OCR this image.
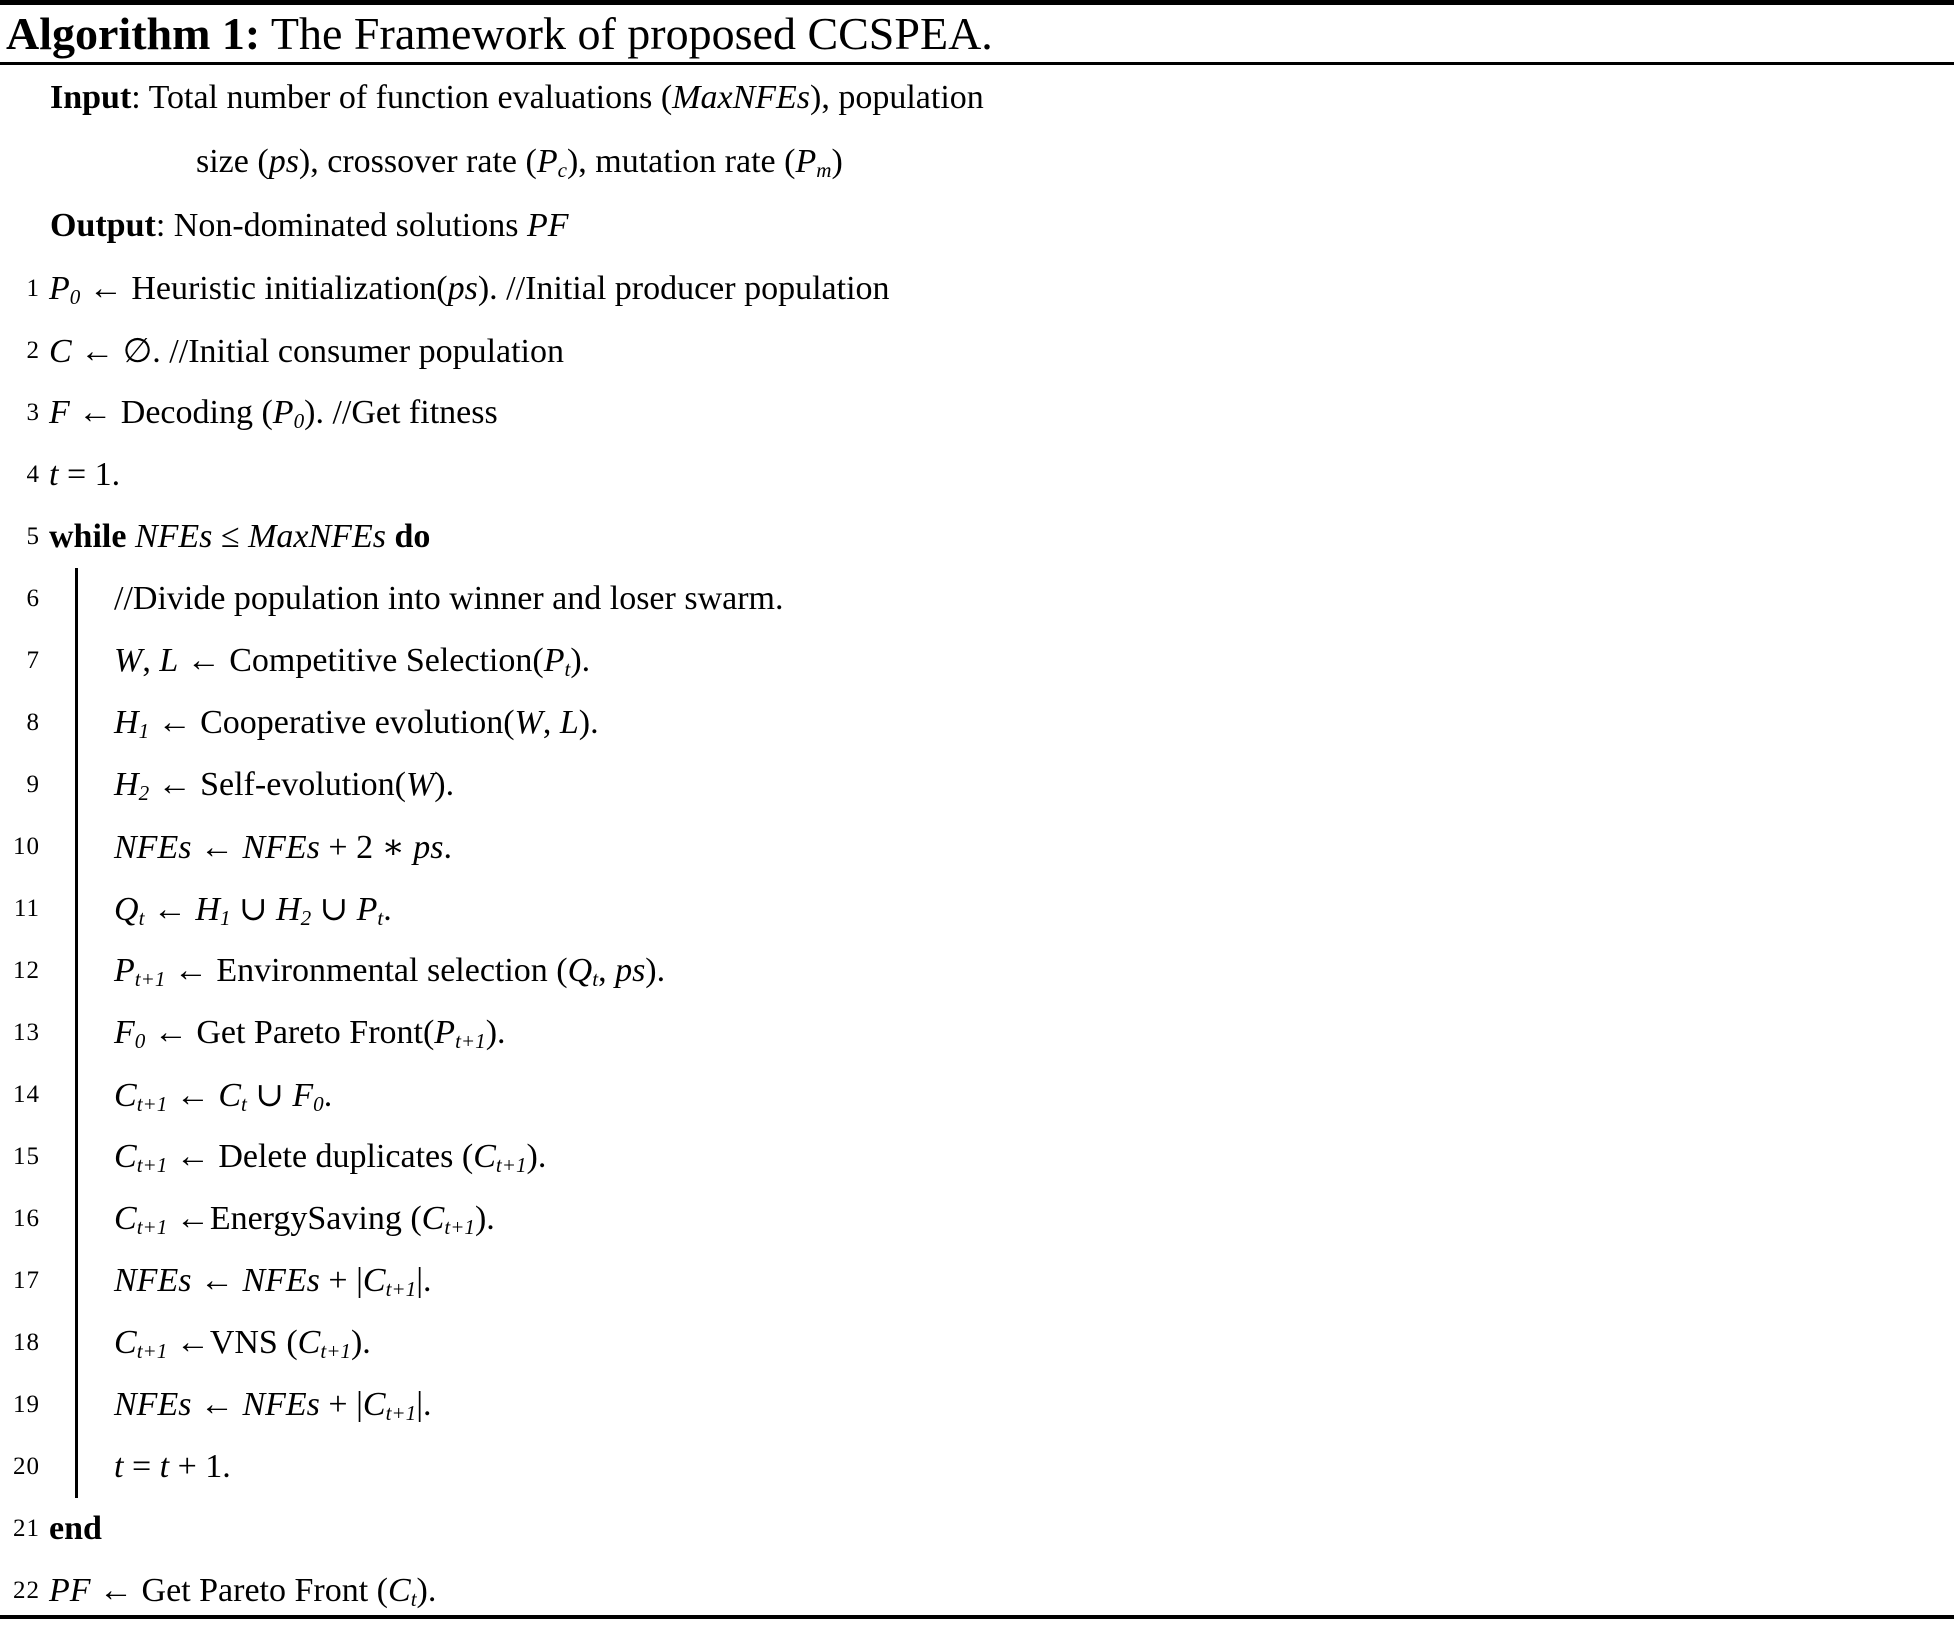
Algorithm 1: The Framework of proposed CCSPEA.
Input: Total number of function evaluations (MaxNFEs), population
size (ps), crossover rate $(P_c)$, mutation rate $(P_m)$
Output: Non-dominated solutions PF
1 $P_0$ ← Heuristic initialization(ps). //Initial producer population
2 C ← ∅. //Initial consumer population
3 F ← Decoding $(P_0)$. //Get fitness
4 t = 1.
5 while NFEs ≤ MaxNFEs do
6 //Divide population into winner and loser swarm.
7 W, L ← Competitive $Selection(P_t)$.
8 $H_1$ ← Cooperative evolution(W, L).
9 $H_2$ ← Self-evolution(W).
10 NFEs ← NFEs + 2 ∗ ps.
11 $Q_t$ ← $H_1$ ∪ $H_2$ ∪ $P_t$.
12 $P_{t+1}$ ← Environmental selection ($Q_t$, ps).
13 $F_0$ ← Get Pareto $Front(P_{t+1})$.
14 $C_{t+1}$ ← $C_t$ ∪ $F_0$.
15 $C_{t+1}$ ← Delete duplicates $(C_{t+1})$.
16 $C_{t+1}$ ←EnergySaving $(C_{t+1})$.
17 NFEs ← NFEs + $|C_{t+1}|$.
18 $C_{t+1}$ ←VNS $(C_{t+1})$.
19 NFEs ← NFEs + $|C_{t+1}|$.
20 t = t + 1.
21 end
22 PF ← Get Pareto Front $(C_t)$.
